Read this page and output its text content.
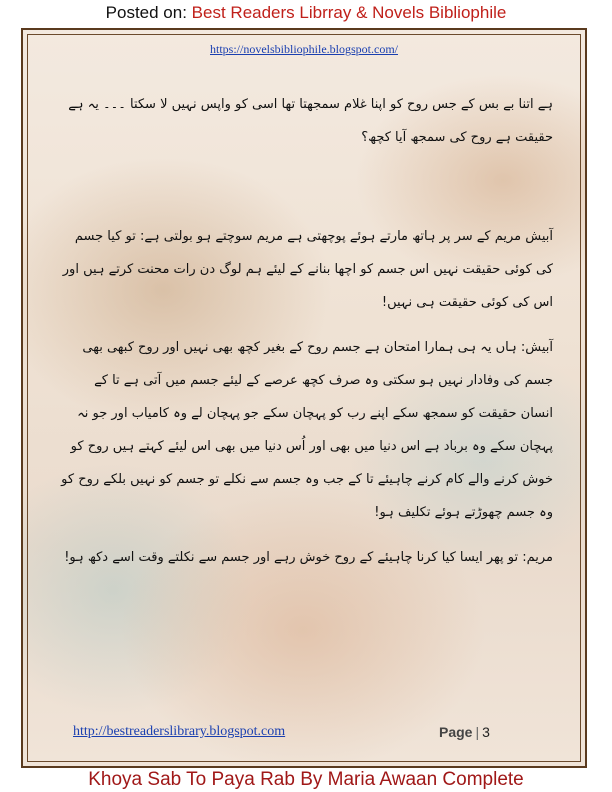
Posted on: Best Readers Librray & Novels Bibliophile
https://novelsbibliophile.blogspot.com/

ہے اتنا بے بس کے جس روح کو اپنا غلام سمجھتا تھا اسی کو واپس نہیں لا سکتا ۔۔۔ یہ ہے حقیقت ہے روح کی سمجھ آیا کچھ؟

آبیش مریم کے سر پر ہاتھ مارتے ہوئے پوچھتی ہے مریم سوچتے ہو بولتی ہے: تو کیا جسم کی کوئی حقیقت نہیں اس جسم کو اچھا بنانے کے لیئے ہم لوگ دن رات محنت کرتے ہیں اور اس کی کوئی حقیقت ہی نہیں!

آبیش: ہاں یہ ہی ہمارا امتحان ہے جسم روح کے بغیر کچھ بھی نہیں اور روح کبھی بھی جسم کی وفادار نہیں ہو سکتی وہ صرف کچھ عرصے کے لیئے جسم میں آتی ہے تا کے انسان حقیقت کو سمجھ سکے اپنے رب کو پہچان سکے جو پہچان لے وہ کامیاب اور جو نہ پہچان سکے وہ برباد ہے اس دنیا میں بھی اور اُس دنیا میں بھی اس لیئے کہتے ہیں روح کو خوش کرنے والے کام کرنے چاہیئے تا کے جب وہ جسم سے نکلے تو جسم کو نہیں بلکے روح کو وہ جسم چھوڑتے ہوئے تکلیف ہو!

مریم: تو پھر ایسا کیا کرنا چاہیئے کے روح خوش رہے اور جسم سے نکلتے وقت اسے دکھ ہو!

http://bestreaderslibrary.blogspot.com	Page | 3
Khoya Sab To Paya Rab By Maria Awaan Complete
